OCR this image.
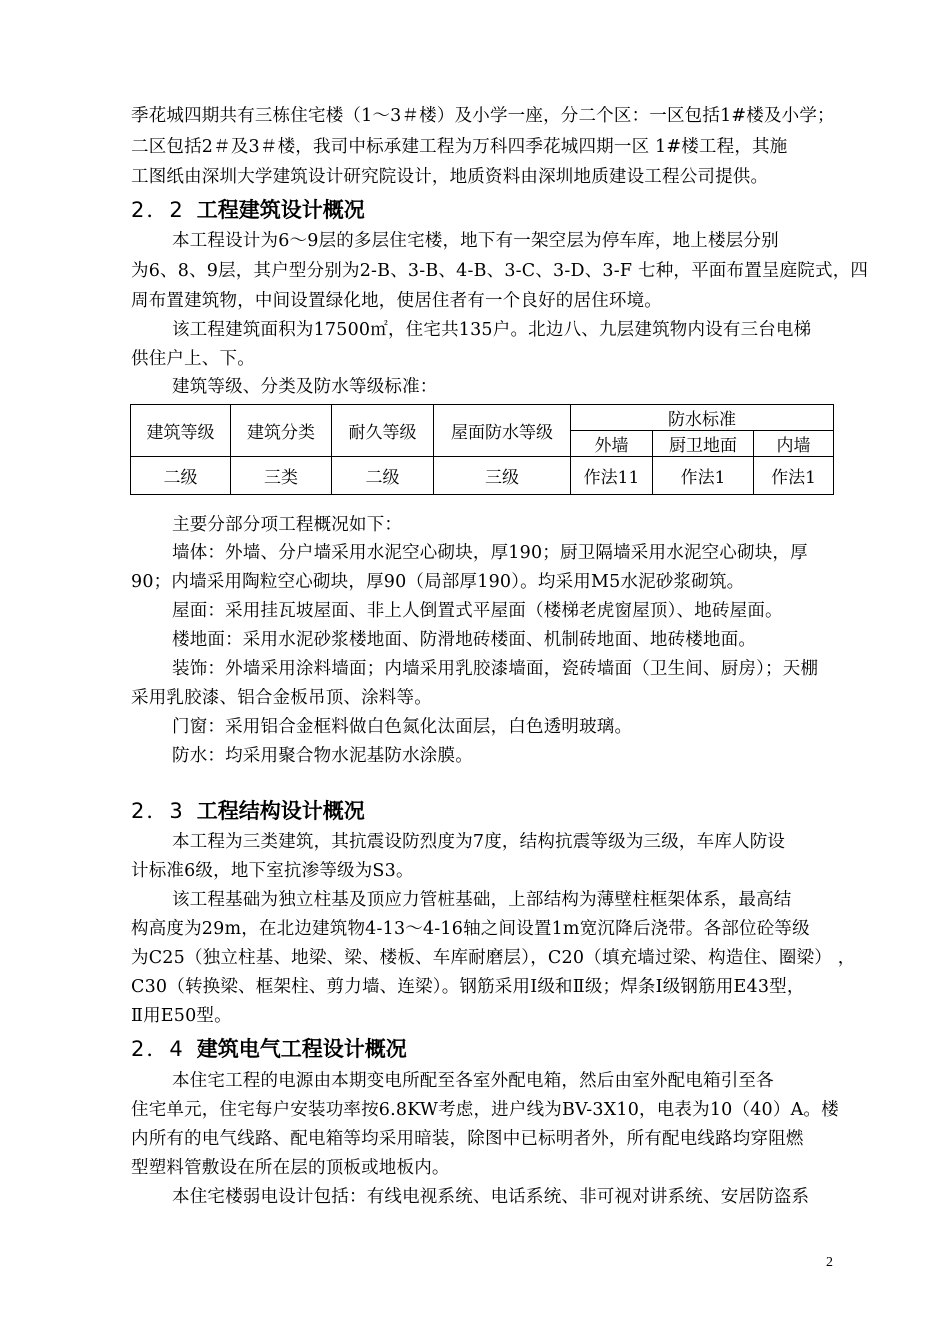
季花城四期共有三栋住宅楼（1～3＃楼）及小学一座，分二个区：一区包括1#楼及小学；
二区包括2＃及3＃楼，我司中标承建工程为万科四季花城四期一区 1#楼工程，其施
工图纸由深圳大学建筑设计研究院设计，地质资料由深圳地质建设工程公司提供。
2．2 工程建筑设计概况
本工程设计为6～9层的多层住宅楼，地下有一架空层为停车库，地上楼层分别
为6、8、9层，其户型分别为2-B、3-B、4-B、3-C、3-D、3-F 七种，平面布置呈庭院式，四
周布置建筑物，中间设置绿化地，使居住者有一个良好的居住环境。
该工程建筑面积为17500㎡，住宅共135户。北边八、九层建筑物内设有三台电梯
供住户上、下。
建筑等级、分类及防水等级标准：
建筑等级	建筑分类	耐久等级	屋面防水等级	防水标准		
				外墙	厨卫地面	内墙
二级	三类	二级	三级	作法11	作法1	作法1
主要分部分项工程概况如下：
墙体：外墙、分户墙采用水泥空心砌块，厚190；厨卫隔墙采用水泥空心砌块，厚
90；内墙采用陶粒空心砌块，厚90（局部厚190）。均采用M5水泥砂浆砌筑。
屋面：采用挂瓦坡屋面、非上人倒置式平屋面（楼梯老虎窗屋顶）、地砖屋面。
楼地面：采用水泥砂浆楼地面、防滑地砖楼面、机制砖地面、地砖楼地面。
装饰：外墙采用涂料墙面；内墙采用乳胶漆墙面，瓷砖墙面（卫生间、厨房）；天棚
采用乳胶漆、铝合金板吊顶、涂料等。
门窗：采用铝合金框料做白色氮化汰面层，白色透明玻璃。
防水：均采用聚合物水泥基防水涂膜。
2．3 工程结构设计概况
本工程为三类建筑，其抗震设防烈度为7度，结构抗震等级为三级，车库人防设
计标准6级，地下室抗渗等级为S3。
该工程基础为独立柱基及顶应力管桩基础，上部结构为薄壁柱框架体系，最高结
构高度为29m，在北边建筑物4-13～4-16轴之间设置1m宽沉降后浇带。各部位砼等级
为C25（独立柱基、地梁、梁、楼板、车库耐磨层），C20（填充墙过梁、构造住、圈梁） ，
C30（转换梁、框架柱、剪力墙、连梁）。钢筋采用Ⅰ级和Ⅱ级；焊条Ⅰ级钢筋用E43型，
Ⅱ用E50型。
2．4 建筑电气工程设计概况
本住宅工程的电源由本期变电所配至各室外配电箱，然后由室外配电箱引至各
住宅单元，住宅每户安装功率按6.8KW考虑，进户线为BV-3X10，电表为10（40）A。楼
内所有的电气线路、配电箱等均采用暗装，除图中已标明者外，所有配电线路均穿阻燃
型塑料管敷设在所在层的顶板或地板内。
本住宅楼弱电设计包括：有线电视系统、电话系统、非可视对讲系统、安居防盗系
2
